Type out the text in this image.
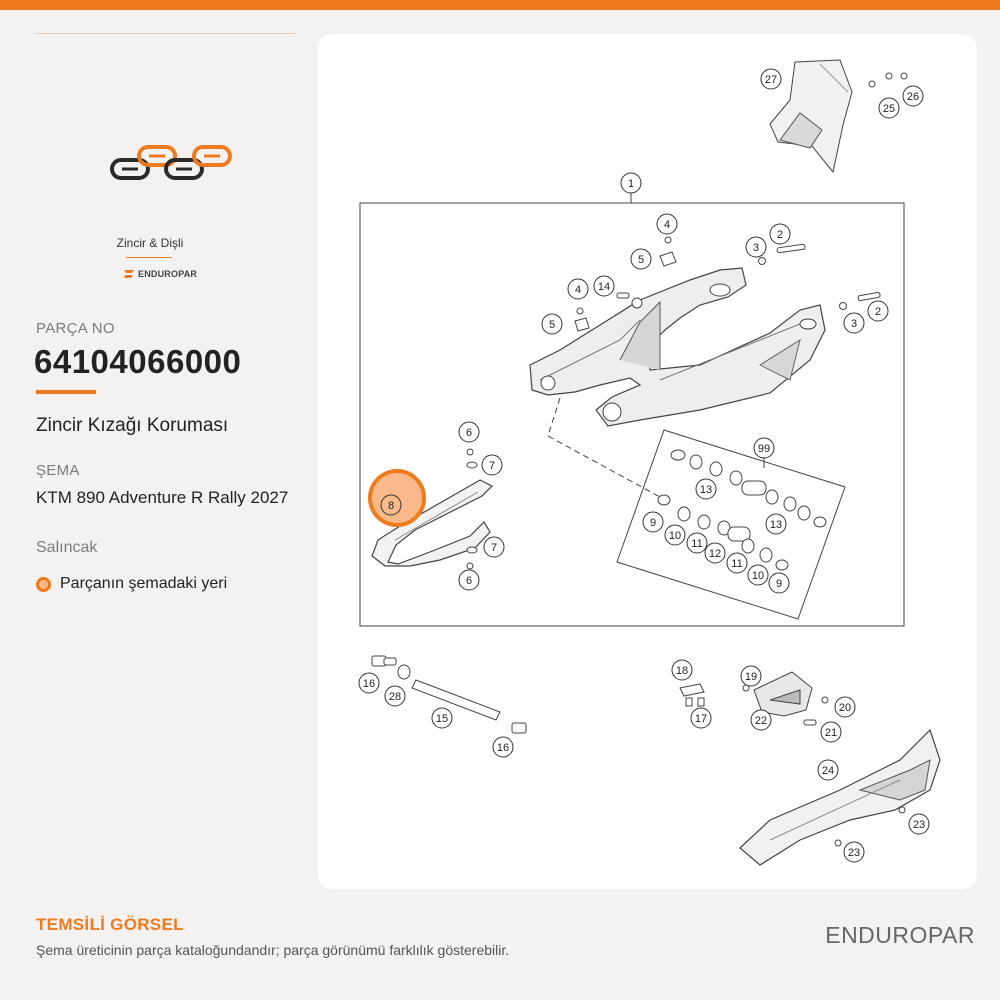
Zincir & Dişli
ENDUROPAR
PARÇA NO
64104066000
Zincir Kızağı Koruması
ŞEMA
KTM 890 Adventure R Rally 2027
Salıncak
Parçanın şemadaki yeri
27
25
26
1
4
2
3
5
4 14
5
2
3
6
7
99
13
9
10
11
12
13
11
10
9
7
6
8
18	19
16
28
20
17	22
15
21
16
24
23
23
TEMSİLİ GÖRSEL
Şema üreticinin parça kataloğundandır; parça görünümü farklılık gösterebilir.
ENDUROPAR
